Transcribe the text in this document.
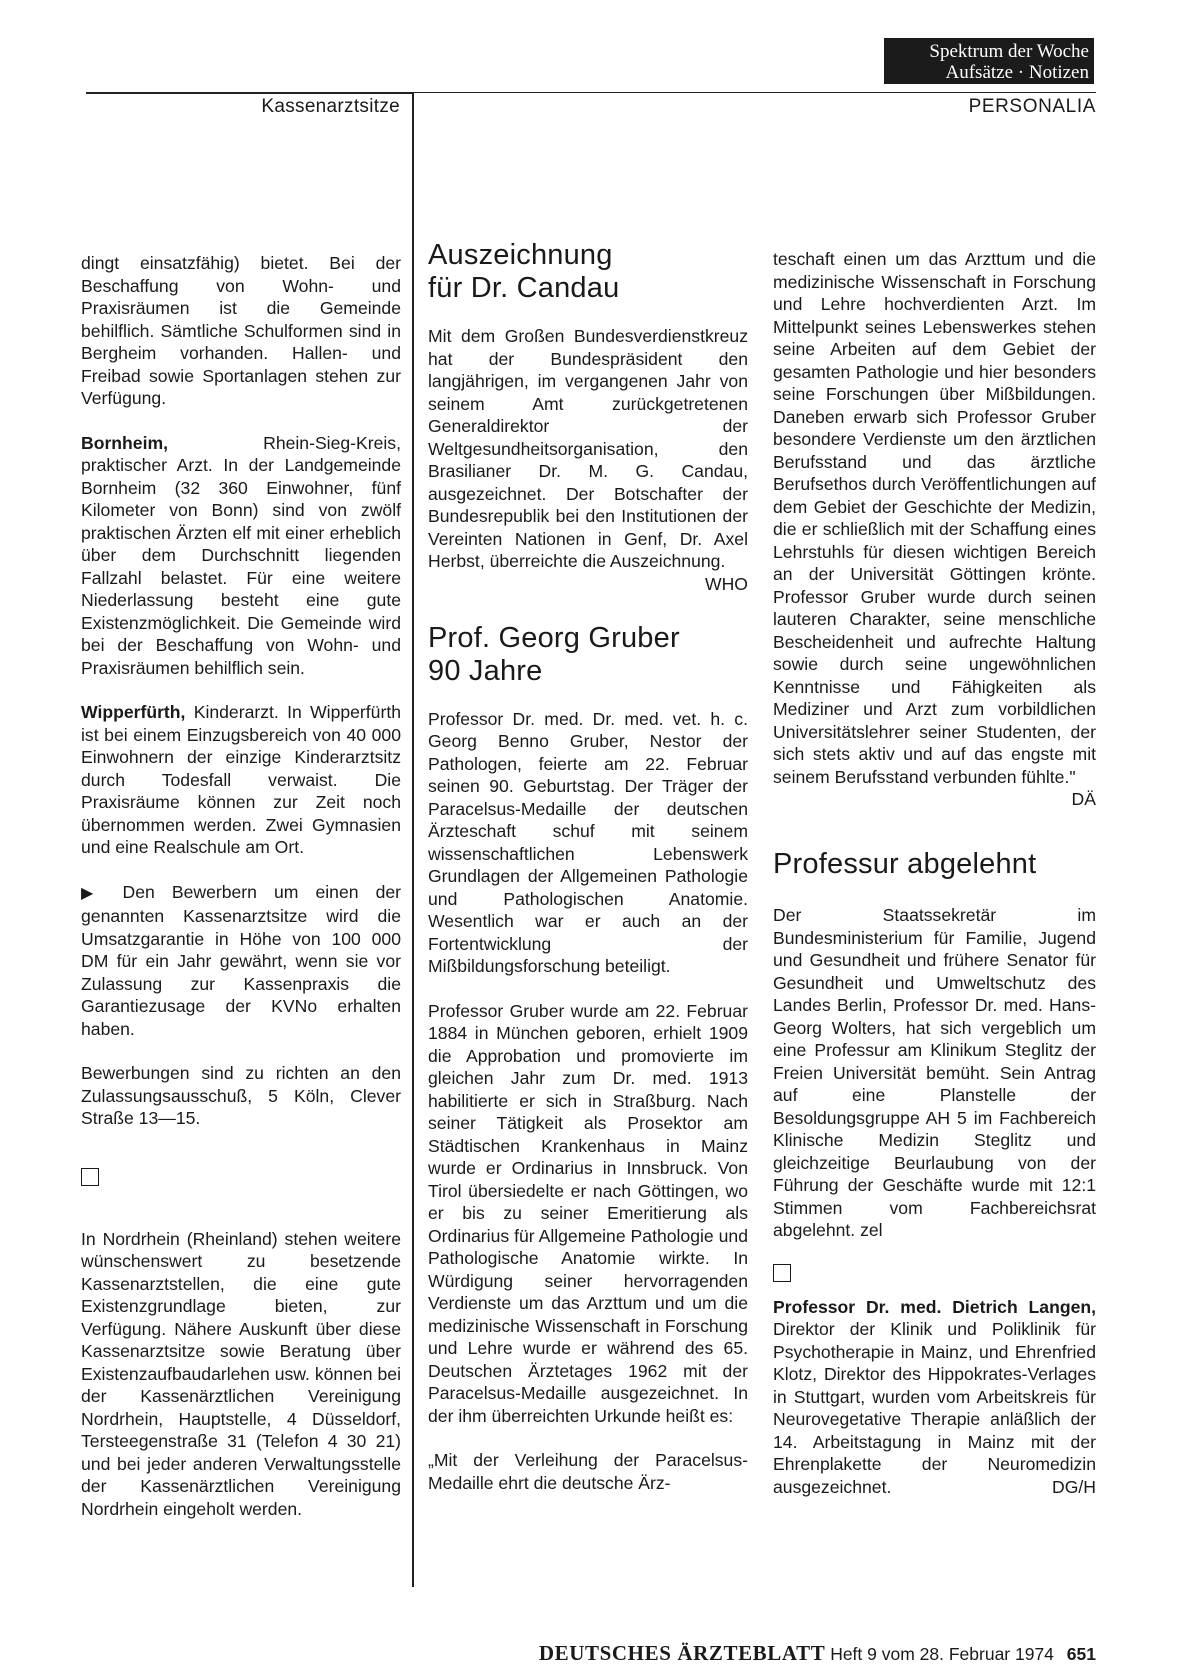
Spektrum der Woche
Aufsätze · Notizen
Kassenarztsitze	PERSONALIA

dingt einsatzfähig) bietet. Bei der Beschaffung von Wohn- und Praxisräumen ist die Gemeinde behilflich. Sämtliche Schulformen sind in Bergheim vorhanden. Hallen- und Freibad sowie Sportanlagen stehen zur Verfügung.

Bornheim, Rhein-Sieg-Kreis, praktischer Arzt. In der Landgemeinde Bornheim (32 360 Einwohner, fünf Kilometer von Bonn) sind von zwölf praktischen Ärzten elf mit einer erheblich über dem Durchschnitt liegenden Fallzahl belastet. Für eine weitere Niederlassung besteht eine gute Existenzmöglichkeit. Die Gemeinde wird bei der Beschaffung von Wohn- und Praxisräumen behilflich sein.

Wipperfürth, Kinderarzt. In Wipperfürth ist bei einem Einzugsbereich von 40 000 Einwohnern der einzige Kinderarztsitz durch Todesfall verwaist. Die Praxisräume können zur Zeit noch übernommen werden. Zwei Gymnasien und eine Realschule am Ort.

▶ Den Bewerbern um einen der genannten Kassenarztsitze wird die Umsatzgarantie in Höhe von 100 000 DM für ein Jahr gewährt, wenn sie vor Zulassung zur Kassenpraxis die Garantiezusage der KVNo erhalten haben.

Bewerbungen sind zu richten an den Zulassungsausschuß, 5 Köln, Clever Straße 13—15.

In Nordrhein (Rheinland) stehen weitere wünschenswert zu besetzende Kassenarztstellen, die eine gute Existenzgrundlage bieten, zur Verfügung. Nähere Auskunft über diese Kassenarztsitze sowie Beratung über Existenzaufbaudarlehen usw. können bei der Kassenärztlichen Vereinigung Nordrhein, Hauptstelle, 4 Düsseldorf, Tersteegenstraße 31 (Telefon 4 30 21) und bei jeder anderen Verwaltungsstelle der Kassenärztlichen Vereinigung Nordrhein eingeholt werden.

Auszeichnung
für Dr. Candau

Mit dem Großen Bundesverdienstkreuz hat der Bundespräsident den langjährigen, im vergangenen Jahr von seinem Amt zurückgetretenen Generaldirektor der Weltgesundheitsorganisation, den Brasilianer Dr. M. G. Candau, ausgezeichnet. Der Botschafter der Bundesrepublik bei den Institutionen der Vereinten Nationen in Genf, Dr. Axel Herbst, überreichte die Auszeichnung.
WHO

Prof. Georg Gruber
90 Jahre

Professor Dr. med. Dr. med. vet. h. c. Georg Benno Gruber, Nestor der Pathologen, feierte am 22. Februar seinen 90. Geburtstag. Der Träger der Paracelsus-Medaille der deutschen Ärzteschaft schuf mit seinem wissenschaftlichen Lebenswerk Grundlagen der Allgemeinen Pathologie und Pathologischen Anatomie. Wesentlich war er auch an der Fortentwicklung der Mißbildungsforschung beteiligt.

Professor Gruber wurde am 22. Februar 1884 in München geboren, erhielt 1909 die Approbation und promovierte im gleichen Jahr zum Dr. med. 1913 habilitierte er sich in Straßburg. Nach seiner Tätigkeit als Prosektor am Städtischen Krankenhaus in Mainz wurde er Ordinarius in Innsbruck. Von Tirol übersiedelte er nach Göttingen, wo er bis zu seiner Emeritierung als Ordinarius für Allgemeine Pathologie und Pathologische Anatomie wirkte. In Würdigung seiner hervorragenden Verdienste um das Arzttum und um die medizinische Wissenschaft in Forschung und Lehre wurde er während des 65. Deutschen Ärztetages 1962 mit der Paracelsus-Medaille ausgezeichnet. In der ihm überreichten Urkunde heißt es:

„Mit der Verleihung der Paracelsus-Medaille ehrt die deutsche Ärz-

teschaft einen um das Arzttum und die medizinische Wissenschaft in Forschung und Lehre hochverdienten Arzt. Im Mittelpunkt seines Lebenswerkes stehen seine Arbeiten auf dem Gebiet der gesamten Pathologie und hier besonders seine Forschungen über Mißbildungen. Daneben erwarb sich Professor Gruber besondere Verdienste um den ärztlichen Berufsstand und das ärztliche Berufsethos durch Veröffentlichungen auf dem Gebiet der Geschichte der Medizin, die er schließlich mit der Schaffung eines Lehrstuhls für diesen wichtigen Bereich an der Universität Göttingen krönte. Professor Gruber wurde durch seinen lauteren Charakter, seine menschliche Bescheidenheit und aufrechte Haltung sowie durch seine ungewöhnlichen Kenntnisse und Fähigkeiten als Mediziner und Arzt zum vorbildlichen Universitätslehrer seiner Studenten, der sich stets aktiv und auf das engste mit seinem Berufsstand verbunden fühlte."
DÄ

Professur abgelehnt

Der Staatssekretär im Bundesministerium für Familie, Jugend und Gesundheit und frühere Senator für Gesundheit und Umweltschutz des Landes Berlin, Professor Dr. med. Hans-Georg Wolters, hat sich vergeblich um eine Professur am Klinikum Steglitz der Freien Universität bemüht. Sein Antrag auf eine Planstelle der Besoldungsgruppe AH 5 im Fachbereich Klinische Medizin Steglitz und gleichzeitige Beurlaubung von der Führung der Geschäfte wurde mit 12:1 Stimmen vom Fachbereichsrat abgelehnt. zel

Professor Dr. med. Dietrich Langen, Direktor der Klinik und Poliklinik für Psychotherapie in Mainz, und Ehrenfried Klotz, Direktor des Hippokrates-Verlages in Stuttgart, wurden vom Arbeitskreis für Neurovegetative Therapie anläßlich der 14. Arbeitstagung in Mainz mit der Ehrenplakette der Neuromedizin ausgezeichnet.	DG/H

DEUTSCHES ÄRZTEBLATT Heft 9 vom 28. Februar 1974 651
